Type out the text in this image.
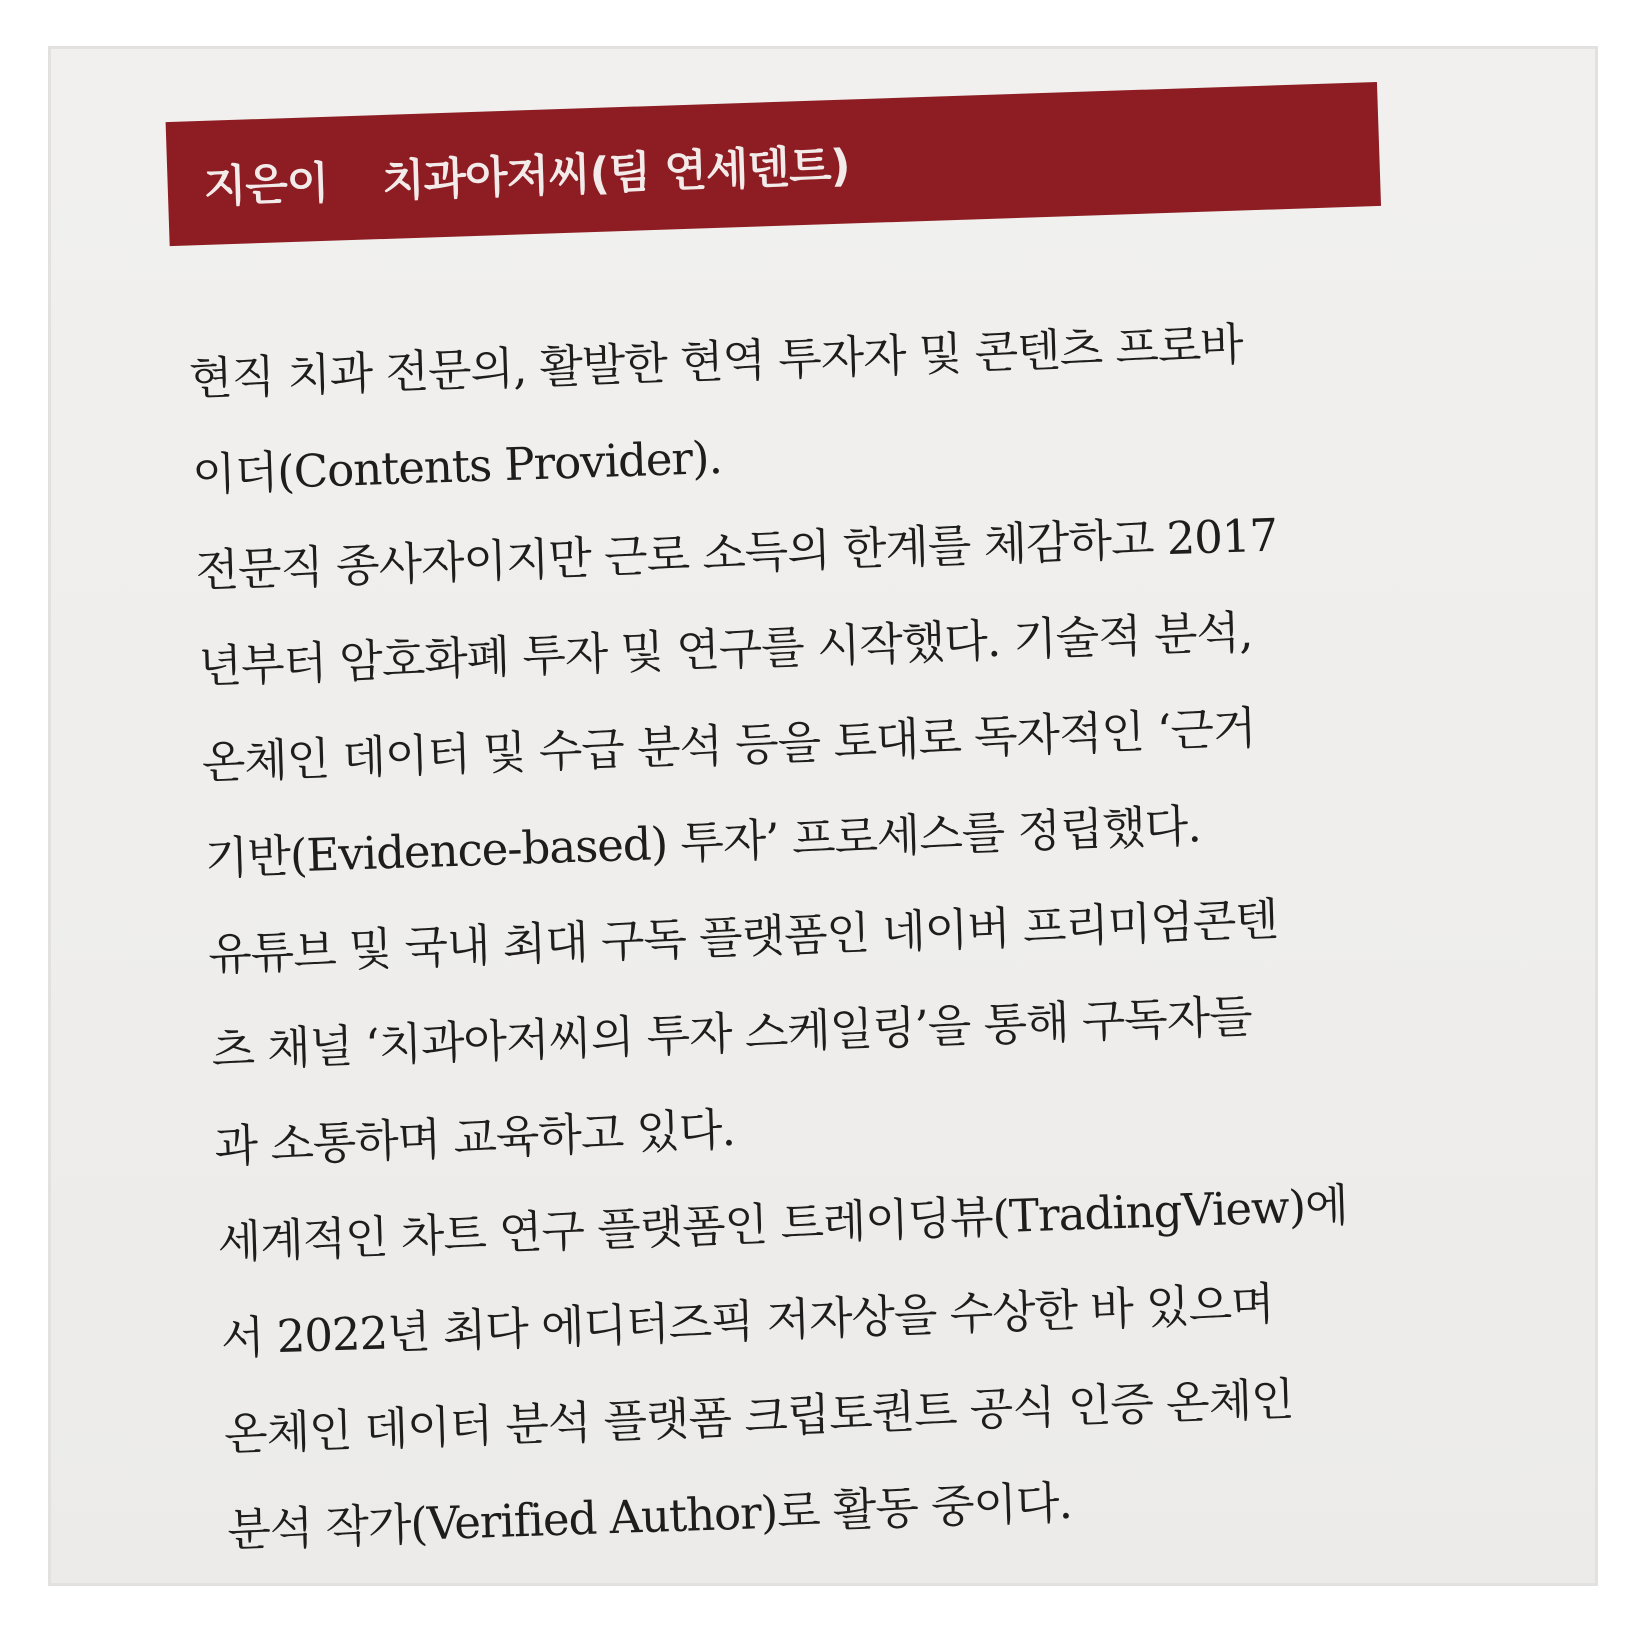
지은이 치과아저씨(팀 연세덴트)
현직 치과 전문의, 활발한 현역 투자자 및 콘텐츠 프로바
이더(Contents Provider).
전문직 종사자이지만 근로 소득의 한계를 체감하고 2017
년부터 암호화폐 투자 및 연구를 시작했다. 기술적 분석,
온체인 데이터 및 수급 분석 등을 토대로 독자적인 ‘근거
기반(Evidence-based) 투자’ 프로세스를 정립했다.
유튜브 및 국내 최대 구독 플랫폼인 네이버 프리미엄콘텐
츠 채널 ‘치과아저씨의 투자 스케일링’을 통해 구독자들
과 소통하며 교육하고 있다.
세계적인 차트 연구 플랫폼인 트레이딩뷰(TradingView)에
서 2022년 최다 에디터즈픽 저자상을 수상한 바 있으며
온체인 데이터 분석 플랫폼 크립토퀀트 공식 인증 온체인
분석 작가(Verified Author)로 활동 중이다.
